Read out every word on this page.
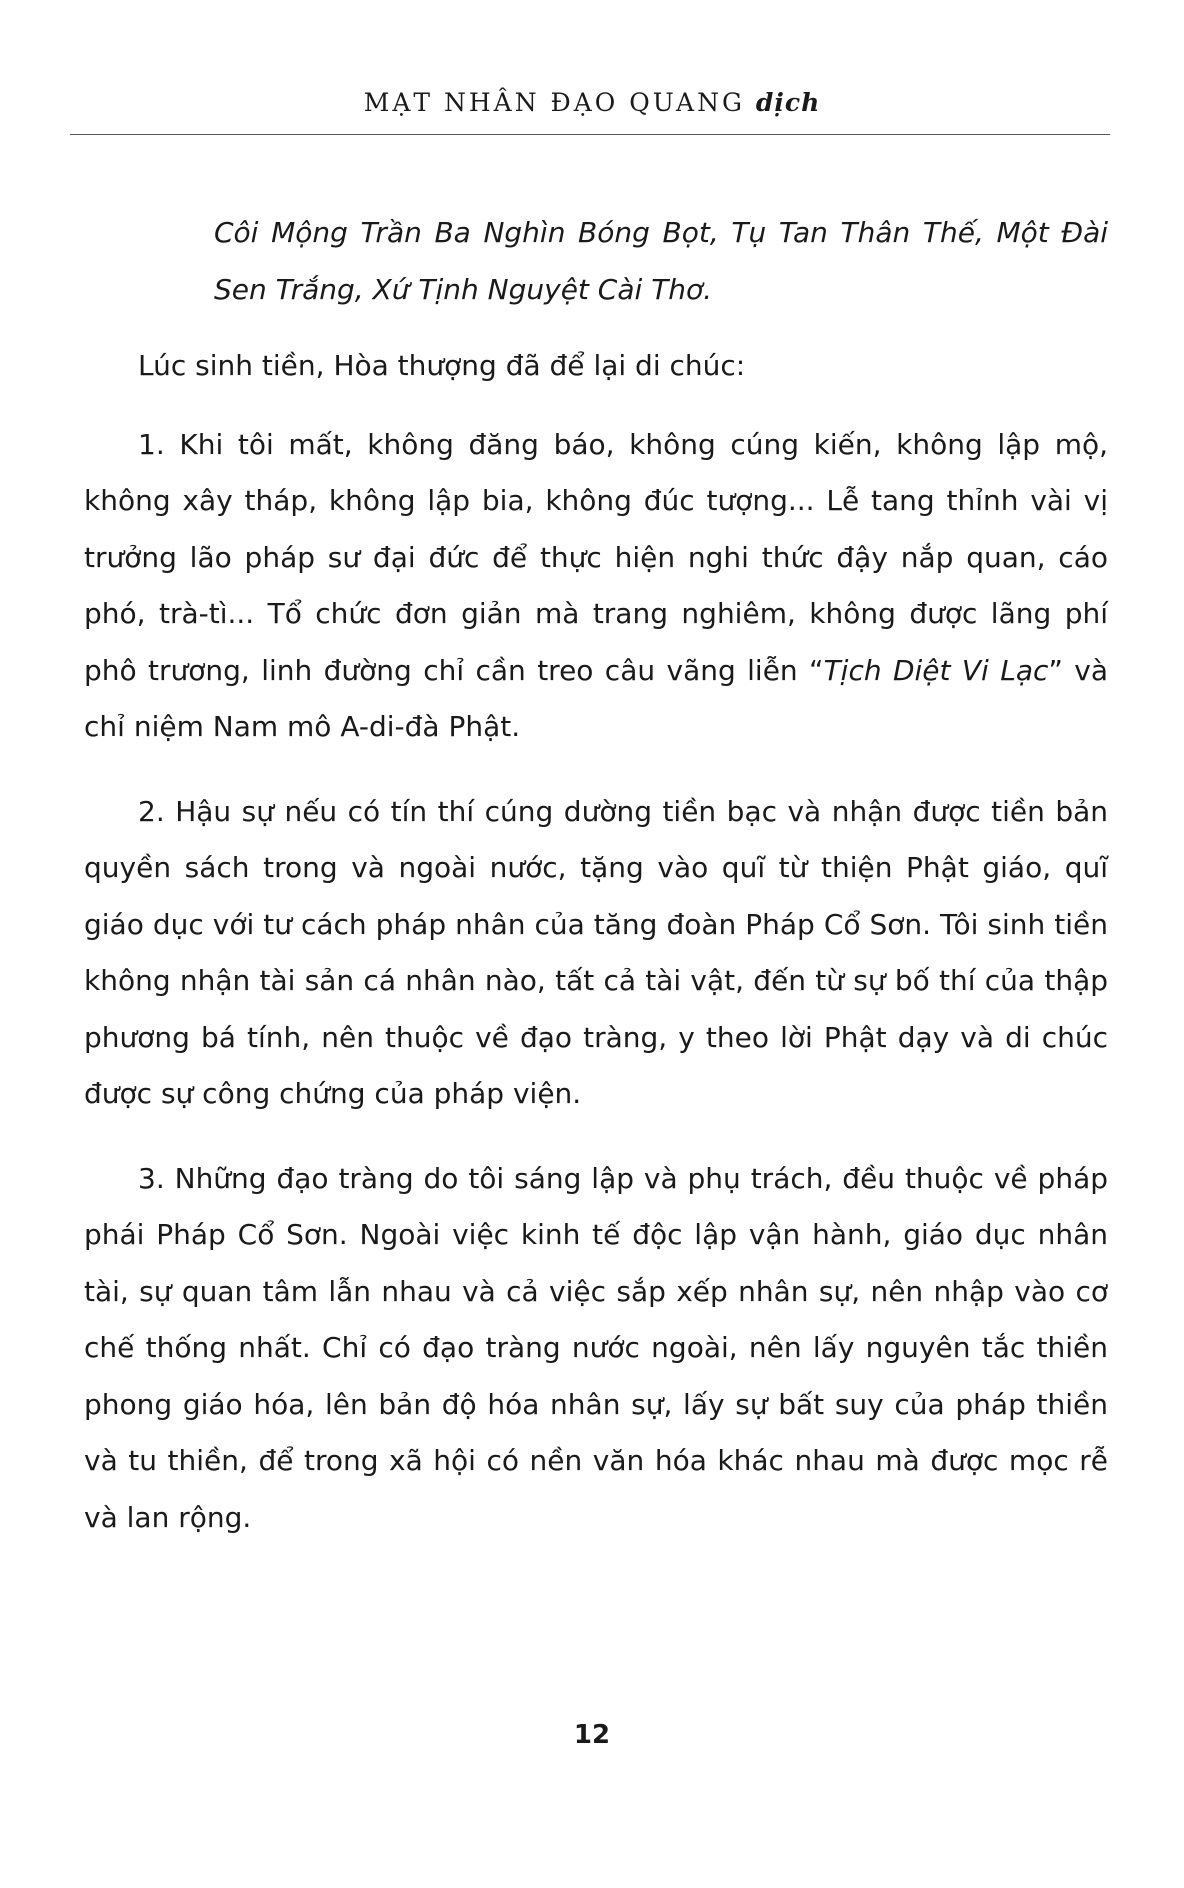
MẠT NHÂN ĐẠO QUANG dịch

Côi Mộng Trần Ba Nghìn Bóng Bọt, Tụ Tan Thân Thế, Một Đài Sen Trắng, Xứ Tịnh Nguyệt Cài Thơ.

Lúc sinh tiền, Hòa thượng đã để lại di chúc:

1. Khi tôi mất, không đăng báo, không cúng kiến, không lập mộ, không xây tháp, không lập bia, không đúc tượng... Lễ tang thỉnh vài vị trưởng lão pháp sư đại đức để thực hiện nghi thức đậy nắp quan, cáo phó, trà-tì... Tổ chức đơn giản mà trang nghiêm, không được lãng phí phô trương, linh đường chỉ cần treo câu vãng liễn “Tịch Diệt Vi Lạc” và chỉ niệm Nam mô A-di-đà Phật.

2. Hậu sự nếu có tín thí cúng dường tiền bạc và nhận được tiền bản quyền sách trong và ngoài nước, tặng vào quĩ từ thiện Phật giáo, quĩ giáo dục với tư cách pháp nhân của tăng đoàn Pháp Cổ Sơn. Tôi sinh tiền không nhận tài sản cá nhân nào, tất cả tài vật, đến từ sự bố thí của thập phương bá tính, nên thuộc về đạo tràng, y theo lời Phật dạy và di chúc được sự công chứng của pháp viện.

3. Những đạo tràng do tôi sáng lập và phụ trách, đều thuộc về pháp phái Pháp Cổ Sơn. Ngoài việc kinh tế độc lập vận hành, giáo dục nhân tài, sự quan tâm lẫn nhau và cả việc sắp xếp nhân sự, nên nhập vào cơ chế thống nhất. Chỉ có đạo tràng nước ngoài, nên lấy nguyên tắc thiền phong giáo hóa, lên bản độ hóa nhân sự, lấy sự bất suy của pháp thiền và tu thiền, để trong xã hội có nền văn hóa khác nhau mà được mọc rễ và lan rộng.

12
